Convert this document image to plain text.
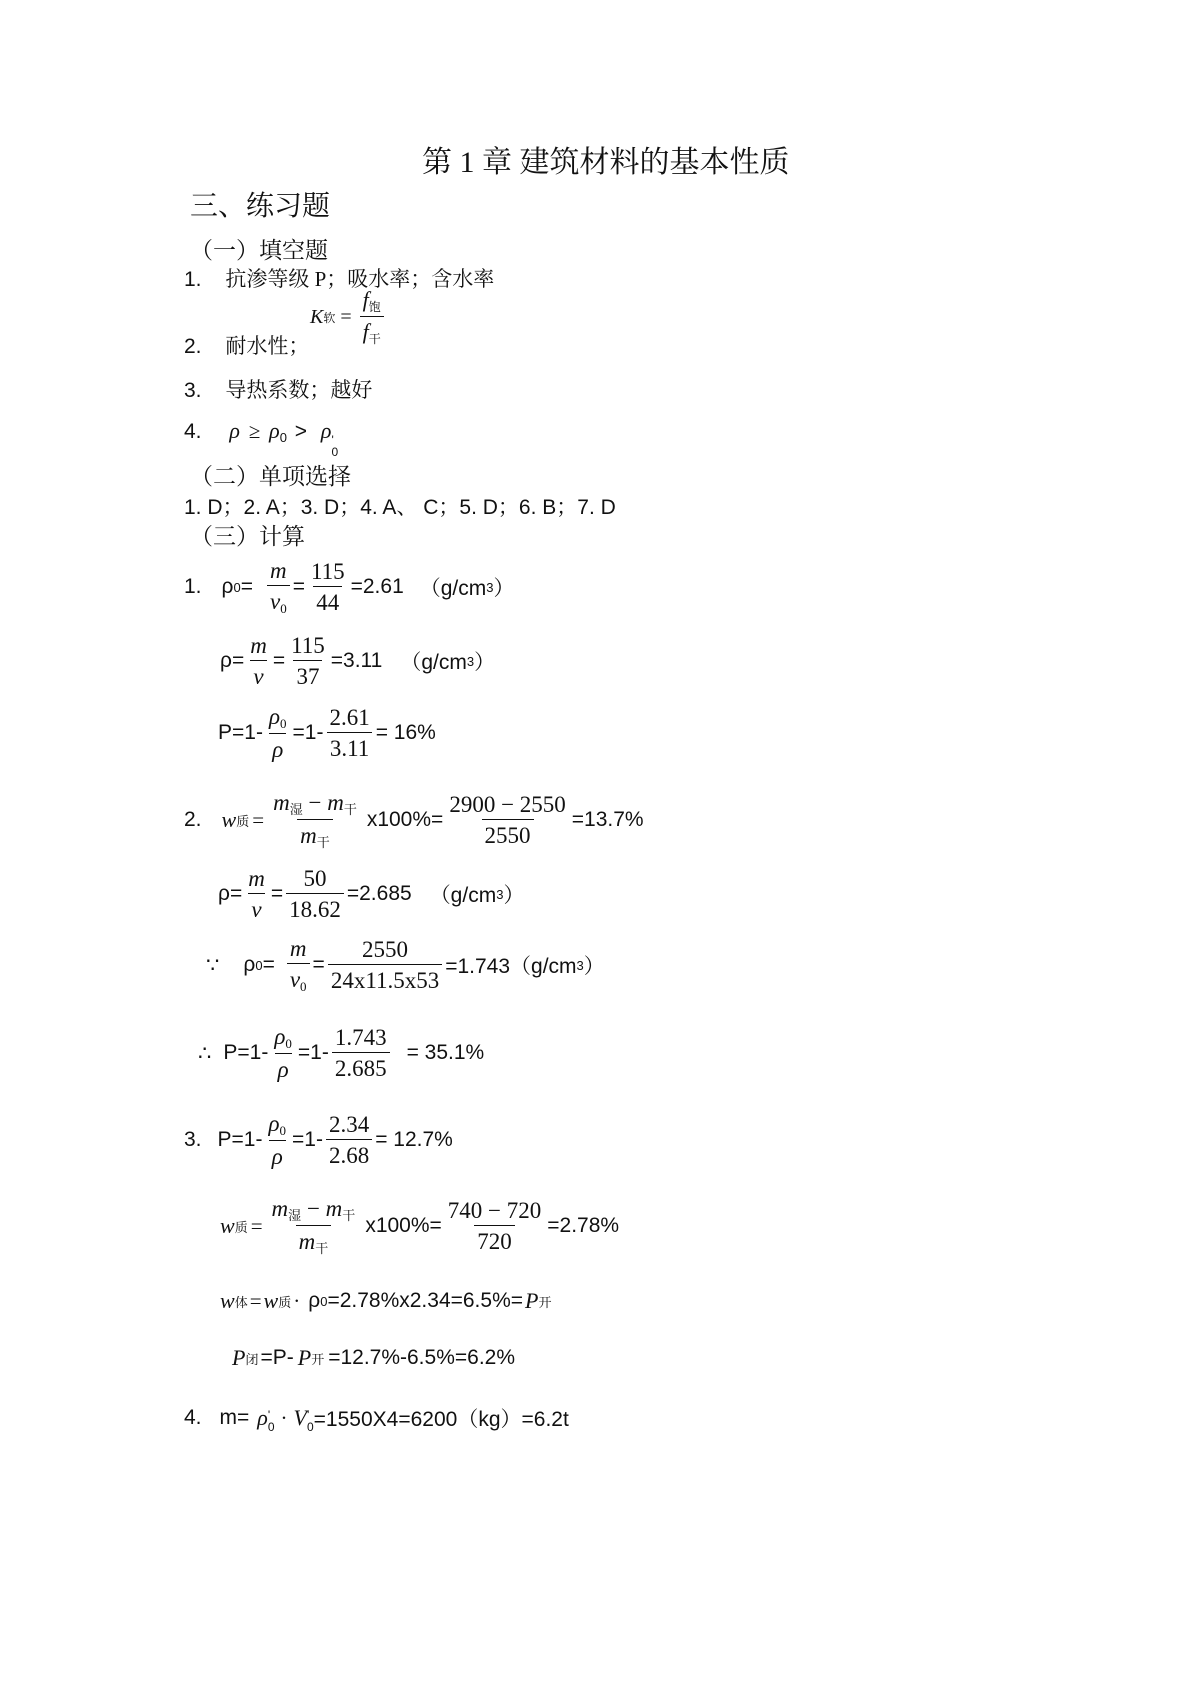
第 1 章 建筑材料的基本性质
三、练习题
（一）填空题
1. 抗渗等级 P；吸水率；含水率
2. 耐水性；
K 软 = $\frac{f_饱}{f_干}$
3. 导热系数；越好
4. $\rho \ge \rho_0 > \rho$ '
0
（二）单项选择
1. D；2. A；3. D；4. A、 C；5. D；6. B；7. D
（三）计算
1. ρ $0 = \frac{m}{v_0} = \frac{115}{44} =2.61$ （g/cm 3 ）
$\rho= \frac{m}{v} = \frac{115}{37} =3.11$ （g/cm 3 ）
$P=1- \frac{\rho_0}{\rho} =1- \frac{2.61}{3.11} = 16\%$
2. w 质 = $\frac{m_湿 - m_干}{m_干} x100\%= \frac{2900 - 2550}{2550} =13.7\%$
$\rho= \frac{m}{v} = \frac{50}{18.62} =2.685$ （g/cm 3 ）
∵ ρ $0 = \frac{m}{v_0} = \frac{2550}{24x11.5x53} =1.743(g/cm$ 3 ）
∴ $P=1- \frac{\rho_0}{\rho} =1- \frac{1.743}{2.685} = 35.1\%$
3. $P=1- \frac{\rho_0}{\rho} =1- \frac{2.34}{2.68} = 12.7\%$
w 质 = $\frac{m_湿 - m_干}{m_干} x100\%= \frac{740 - 720}{720} =2.78\%$
w 体 = w 质 · ρ 0 =2.78%x2.34=6.5%= P 开
P 闭 =P- P 开 =12.7%-6.5%=6.2%
4. m= ρ '
0 · V '
0 =1550X4=6200（kg）=6.2t
